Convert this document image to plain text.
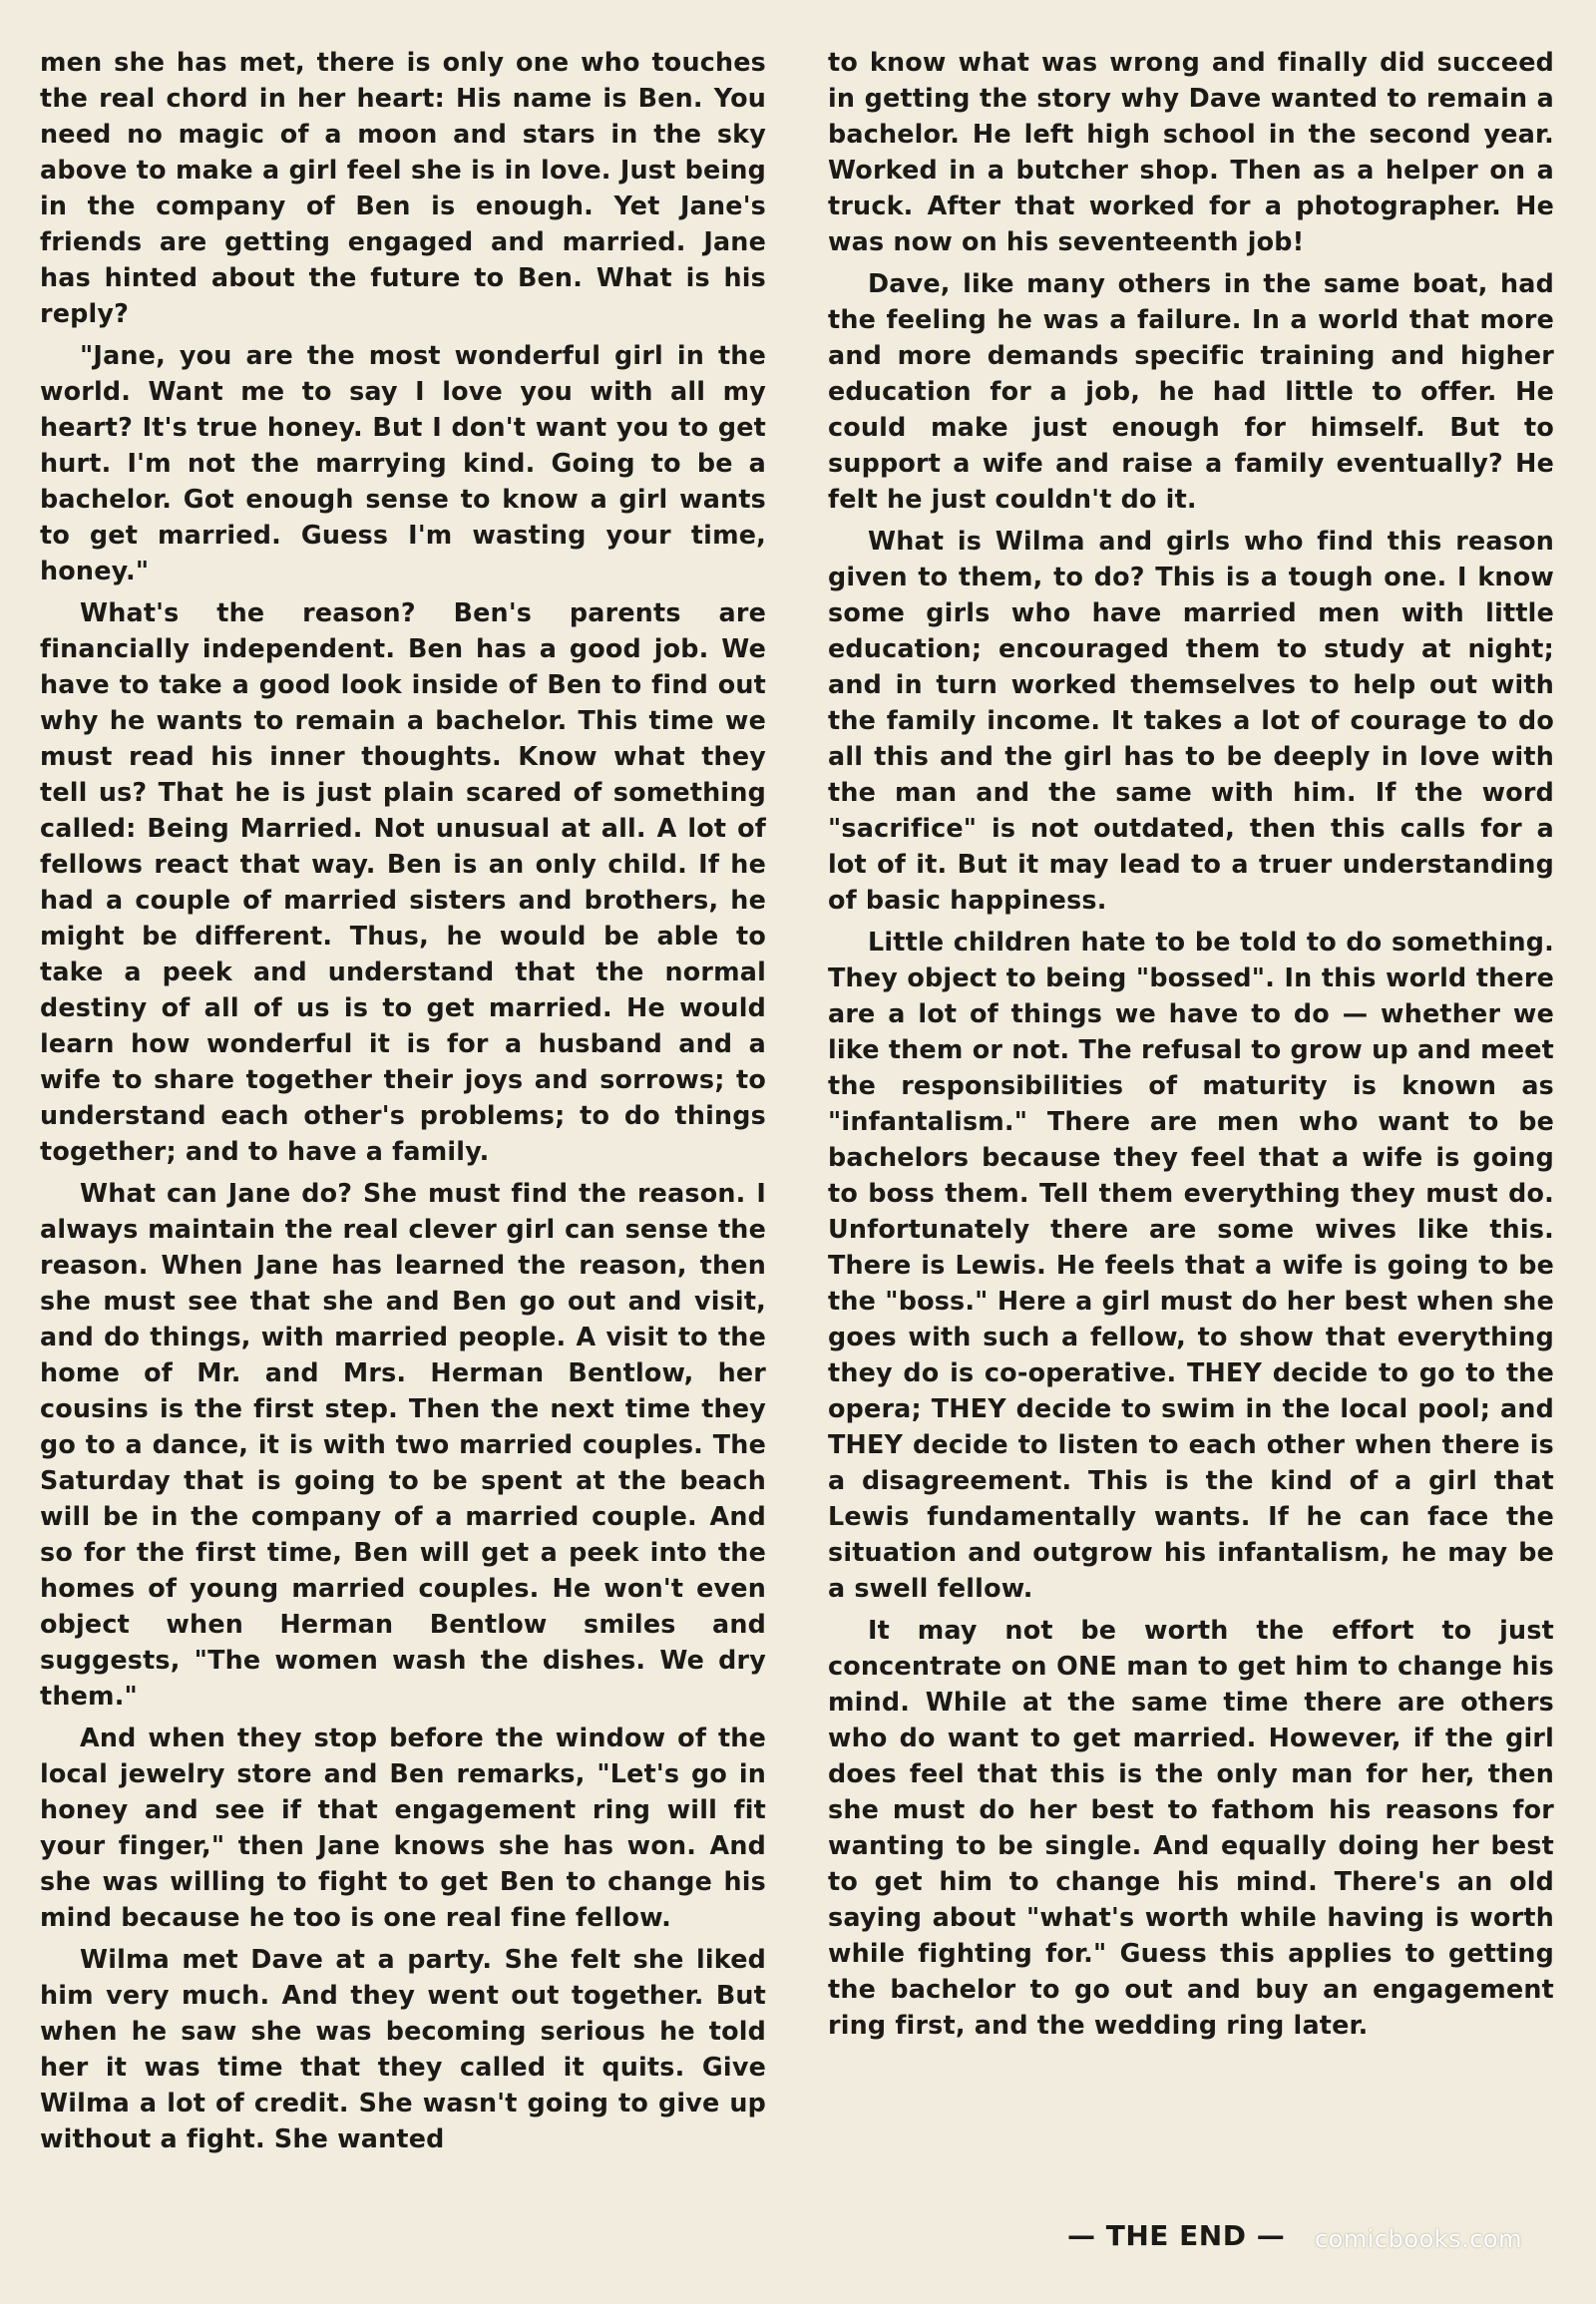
men she has met, there is only one who touches the real chord in her heart: His name is Ben. You need no magic of a moon and stars in the sky above to make a girl feel she is in love. Just being in the company of Ben is enough. Yet Jane's friends are getting engaged and married. Jane has hinted about the future to Ben. What is his reply?

"Jane, you are the most wonderful girl in the world. Want me to say I love you with all my heart? It's true honey. But I don't want you to get hurt. I'm not the marrying kind. Going to be a bachelor. Got enough sense to know a girl wants to get married. Guess I'm wasting your time, honey."

What's the reason? Ben's parents are financially independent. Ben has a good job. We have to take a good look inside of Ben to find out why he wants to remain a bachelor. This time we must read his inner thoughts. Know what they tell us? That he is just plain scared of something called: Being Married. Not unusual at all. A lot of fellows react that way. Ben is an only child. If he had a couple of married sisters and brothers, he might be different. Thus, he would be able to take a peek and understand that the normal destiny of all of us is to get married. He would learn how wonderful it is for a husband and a wife to share together their joys and sorrows; to understand each other's problems; to do things together; and to have a family.

What can Jane do? She must find the reason. I always maintain the real clever girl can sense the reason. When Jane has learned the reason, then she must see that she and Ben go out and visit, and do things, with married people. A visit to the home of Mr. and Mrs. Herman Bentlow, her cousins is the first step. Then the next time they go to a dance, it is with two married couples. The Saturday that is going to be spent at the beach will be in the company of a married couple. And so for the first time, Ben will get a peek into the homes of young married couples. He won't even object when Herman Bentlow smiles and suggests, "The women wash the dishes. We dry them."

And when they stop before the window of the local jewelry store and Ben remarks, "Let's go in honey and see if that engagement ring will fit your finger," then Jane knows she has won. And she was willing to fight to get Ben to change his mind because he too is one real fine fellow.

Wilma met Dave at a party. She felt she liked him very much. And they went out together. But when he saw she was becoming serious he told her it was time that they called it quits. Give Wilma a lot of credit. She wasn't going to give up without a fight. She wanted

to know what was wrong and finally did succeed in getting the story why Dave wanted to remain a bachelor. He left high school in the second year. Worked in a butcher shop. Then as a helper on a truck. After that worked for a photographer. He was now on his seventeenth job!

Dave, like many others in the same boat, had the feeling he was a failure. In a world that more and more demands specific training and higher education for a job, he had little to offer. He could make just enough for himself. But to support a wife and raise a family eventually? He felt he just couldn't do it.

What is Wilma and girls who find this reason given to them, to do? This is a tough one. I know some girls who have married men with little education; encouraged them to study at night; and in turn worked themselves to help out with the family income. It takes a lot of courage to do all this and the girl has to be deeply in love with the man and the same with him. If the word "sacrifice" is not outdated, then this calls for a lot of it. But it may lead to a truer understanding of basic happiness.

Little children hate to be told to do something. They object to being "bossed". In this world there are a lot of things we have to do — whether we like them or not. The refusal to grow up and meet the responsibilities of maturity is known as "infantalism." There are men who want to be bachelors because they feel that a wife is going to boss them. Tell them everything they must do. Unfortunately there are some wives like this. There is Lewis. He feels that a wife is going to be the "boss." Here a girl must do her best when she goes with such a fellow, to show that everything they do is co-operative. THEY decide to go to the opera; THEY decide to swim in the local pool; and THEY decide to listen to each other when there is a disagreement. This is the kind of a girl that Lewis fundamentally wants. If he can face the situation and outgrow his infantalism, he may be a swell fellow.

It may not be worth the effort to just concentrate on ONE man to get him to change his mind. While at the same time there are others who do want to get married. However, if the girl does feel that this is the only man for her, then she must do her best to fathom his reasons for wanting to be single. And equally doing her best to get him to change his mind. There's an old saying about "what's worth while having is worth while fighting for." Guess this applies to getting the bachelor to go out and buy an engagement ring first, and the wedding ring later.

— THE END — comicbooks.com
